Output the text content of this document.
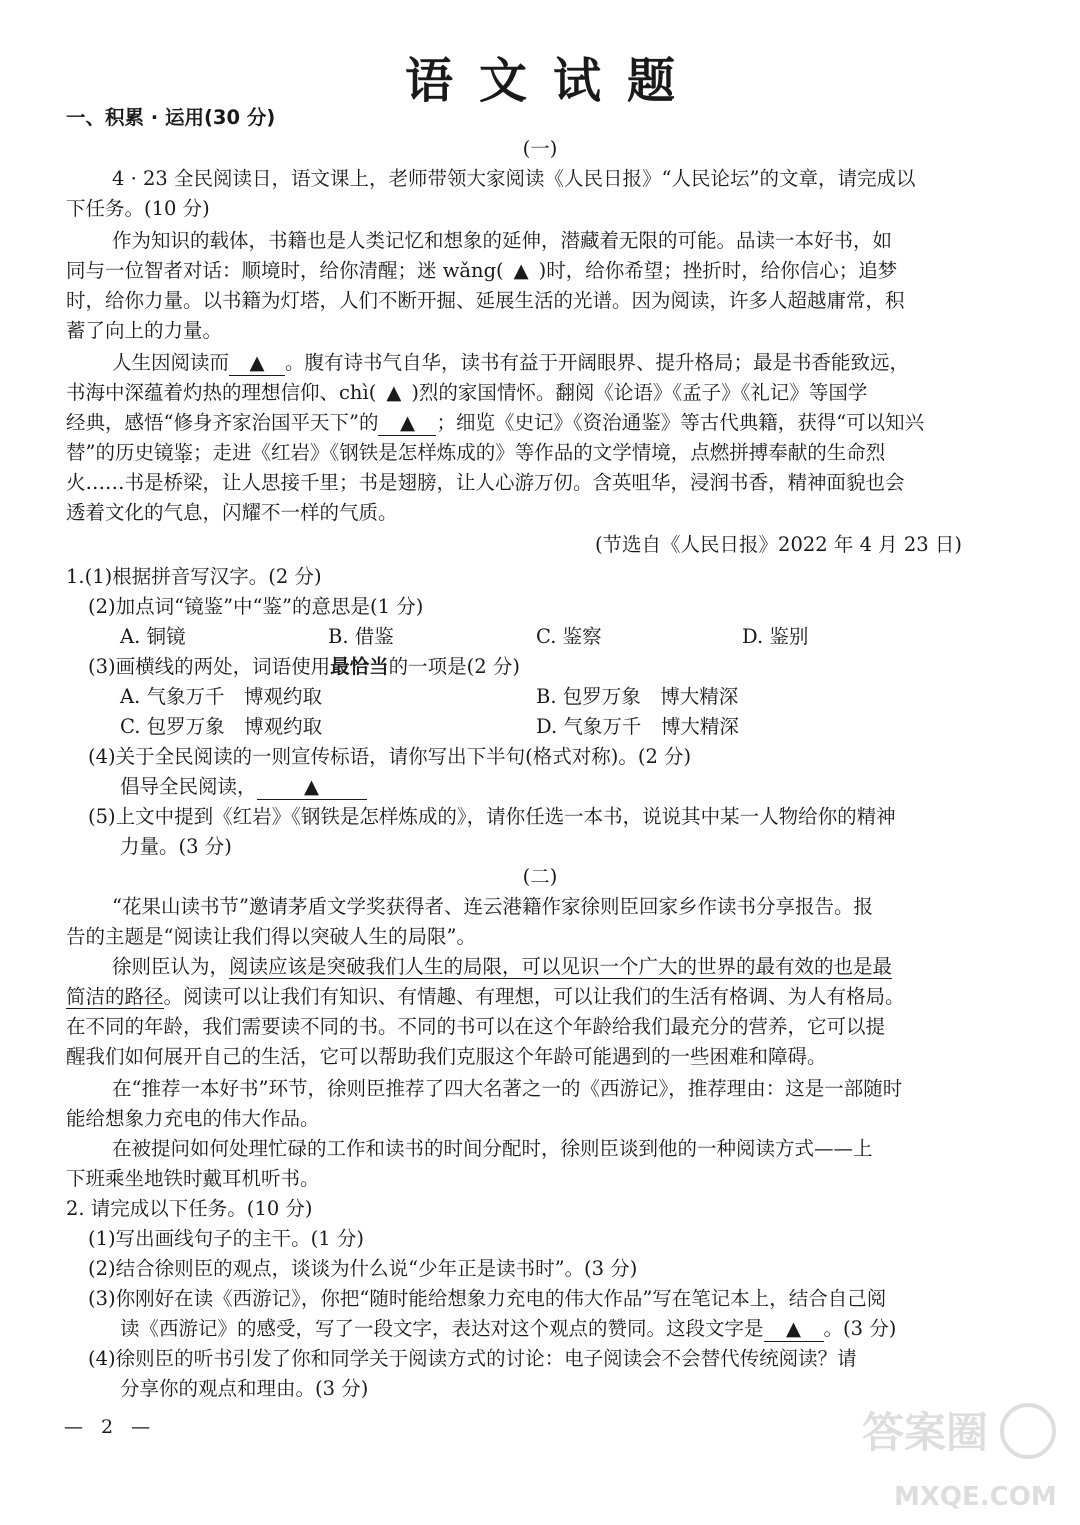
语文试题
一、积累 · 运用(30 分)
(一)
4 · 23 全民阅读日，语文课上，老师带领大家阅读《人民日报》“人民论坛”的文章，请完成以
下任务。(10 分)
作为知识的载体，书籍也是人类记忆和想象的延伸，潜藏着无限的可能。品读一本好书，如
同与一位智者对话：顺境时，给你清醒；迷 wǎng( ▲ )时，给你希望；挫折时，给你信心；追梦
时，给你力量。以书籍为灯塔，人们不断开掘、延展生活的光谱。因为阅读，许多人超越庸常，积
蓄了向上的力量。
人生因阅读而 ▲ 。腹有诗书气自华，读书有益于开阔眼界、提升格局；最是书香能致远，
书海中深蕴着灼热的理想信仰、chì( ▲ )烈的家国情怀。翻阅《论语》《孟子》《礼记》等国学
经典，感悟“修身齐家治国平天下”的 ▲ ；细览《史记》《资治通鉴》等古代典籍，获得“可以知兴
替”的历史镜鉴；走进《红岩》《钢铁是怎样炼成的》等作品的文学情境，点燃拼搏奉献的生命烈
火……书是桥梁，让人思接千里；书是翅膀，让人心游万仞。含英咀华，浸润书香，精神面貌也会
透着文化的气息，闪耀不一样的气质。
(节选自《人民日报》2022 年 4 月 23 日)
1.(1)根据拼音写汉字。(2 分)
(2)加点词“镜鉴”中“鉴”的意思是(1 分)
A. 铜镜	B. 借鉴	C. 鉴察	D. 鉴别
(3)画横线的两处，词语使用最恰当的一项是(2 分)
A. 气象万千　博观约取	B. 包罗万象　博大精深
C. 包罗万象　博观约取	D. 气象万千　博大精深
(4)关于全民阅读的一则宣传标语，请你写出下半句(格式对称)。(2 分)
倡导全民阅读， ▲
(5)上文中提到《红岩》《钢铁是怎样炼成的》，请你任选一本书，说说其中某一人物给你的精神
力量。(3 分)
(二)
“花果山读书节”邀请茅盾文学奖获得者、连云港籍作家徐则臣回家乡作读书分享报告。报
告的主题是“阅读让我们得以突破人生的局限”。
徐则臣认为，阅读应该是突破我们人生的局限，可以见识一个广大的世界的最有效的也是最
简洁的路径。阅读可以让我们有知识、有情趣、有理想，可以让我们的生活有格调、为人有格局。
在不同的年龄，我们需要读不同的书。不同的书可以在这个年龄给我们最充分的营养，它可以提
醒我们如何展开自己的生活，它可以帮助我们克服这个年龄可能遇到的一些困难和障碍。
在“推荐一本好书”环节，徐则臣推荐了四大名著之一的《西游记》，推荐理由：这是一部随时
能给想象力充电的伟大作品。
在被提问如何处理忙碌的工作和读书的时间分配时，徐则臣谈到他的一种阅读方式——上
下班乘坐地铁时戴耳机听书。
2. 请完成以下任务。(10 分)
(1)写出画线句子的主干。(1 分)
(2)结合徐则臣的观点，谈谈为什么说“少年正是读书时”。(3 分)
(3)你刚好在读《西游记》，你把“随时能给想象力充电的伟大作品”写在笔记本上，结合自己阅
读《西游记》的感受，写了一段文字，表达对这个观点的赞同。这段文字是 ▲ 。(3 分)
(4)徐则臣的听书引发了你和同学关于阅读方式的讨论：电子阅读会不会替代传统阅读？请
分享你的观点和理由。(3 分)
— 2 —	答案圈
MXQE.COM
